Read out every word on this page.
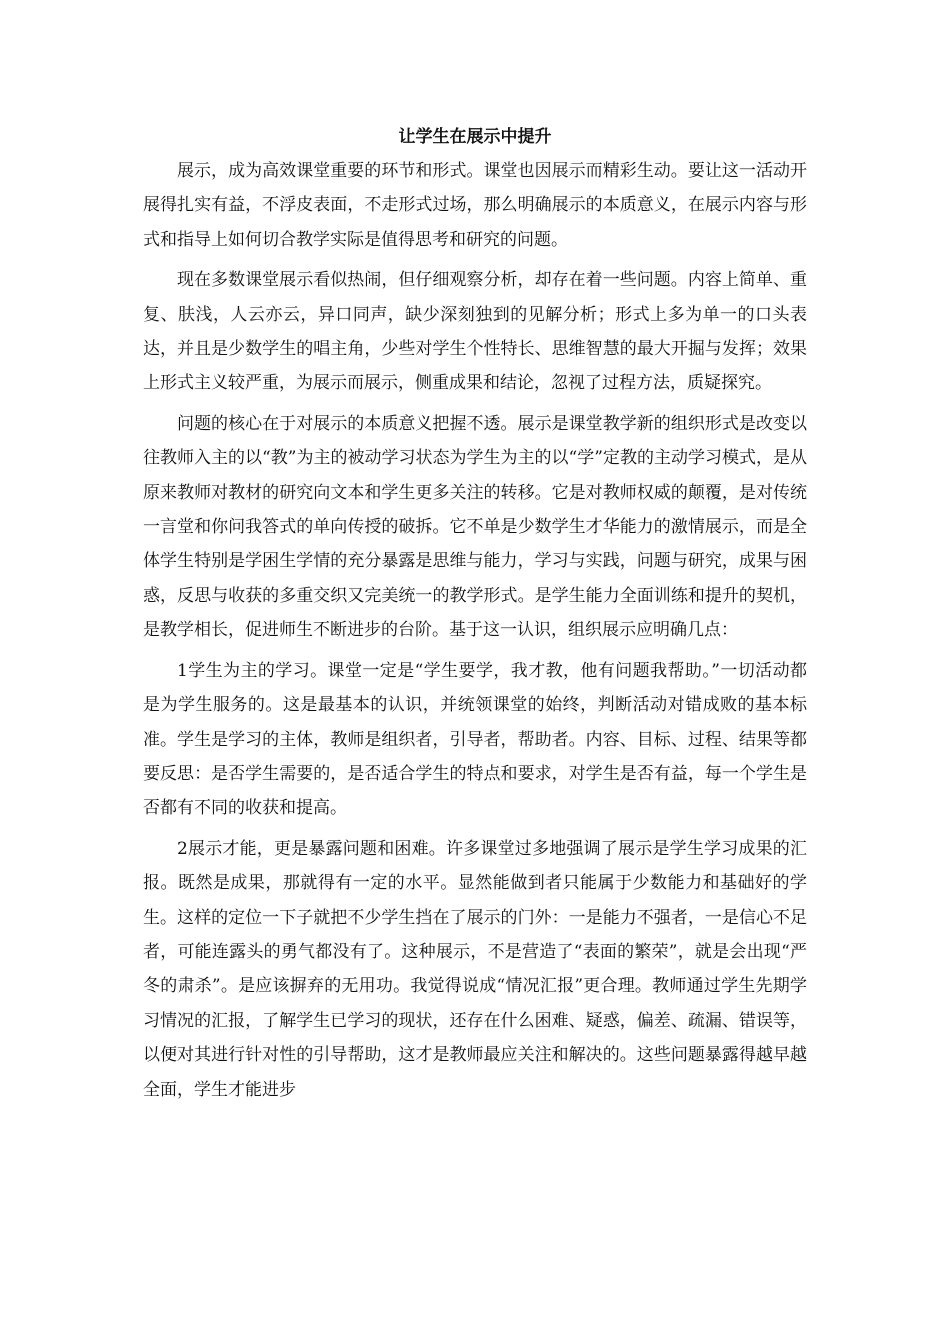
让学生在展示中提升

展示，成为高效课堂重要的环节和形式。课堂也因展示而精彩生动。要让这一活动开展得扎实有益，不浮皮表面，不走形式过场，那么明确展示的本质意义，在展示内容与形式和指导上如何切合教学实际是值得思考和研究的问题。

现在多数课堂展示看似热闹，但仔细观察分析，却存在着一些问题。内容上简单、重复、肤浅，人云亦云，异口同声，缺少深刻独到的见解分析；形式上多为单一的口头表达，并且是少数学生的唱主角，少些对学生个性特长、思维智慧的最大开掘与发挥；效果上形式主义较严重，为展示而展示，侧重成果和结论，忽视了过程方法，质疑探究。

问题的核心在于对展示的本质意义把握不透。展示是课堂教学新的组织形式是改变以往教师入主的以“教”为主的被动学习状态为学生为主的以“学”定教的主动学习模式，是从原来教师对教材的研究向文本和学生更多关注的转移。它是对教师权威的颠覆，是对传统一言堂和你问我答式的单向传授的破拆。它不单是少数学生才华能力的激情展示，而是全体学生特别是学困生学情的充分暴露是思维与能力，学习与实践，问题与研究，成果与困惑，反思与收获的多重交织又完美统一的教学形式。是学生能力全面训练和提升的契机，是教学相长，促进师生不断进步的台阶。基于这一认识，组织展示应明确几点：

1学生为主的学习。课堂一定是“学生要学，我才教，他有问题我帮助。”一切活动都是为学生服务的。这是最基本的认识，并统领课堂的始终，判断活动对错成败的基本标准。学生是学习的主体，教师是组织者，引导者，帮助者。内容、目标、过程、结果等都要反思：是否学生需要的，是否适合学生的特点和要求，对学生是否有益，每一个学生是否都有不同的收获和提高。

2展示才能，更是暴露问题和困难。许多课堂过多地强调了展示是学生学习成果的汇报。既然是成果，那就得有一定的水平。显然能做到者只能属于少数能力和基础好的学生。这样的定位一下子就把不少学生挡在了展示的门外：一是能力不强者，一是信心不足者，可能连露头的勇气都没有了。这种展示，不是营造了“表面的繁荣”，就是会出现“严冬的肃杀”。是应该摒弃的无用功。我觉得说成“情况汇报”更合理。教师通过学生先期学习情况的汇报，了解学生已学习的现状，还存在什么困难、疑惑，偏差、疏漏、错误等，以便对其进行针对性的引导帮助，这才是教师最应关注和解决的。这些问题暴露得越早越全面，学生才能进步
